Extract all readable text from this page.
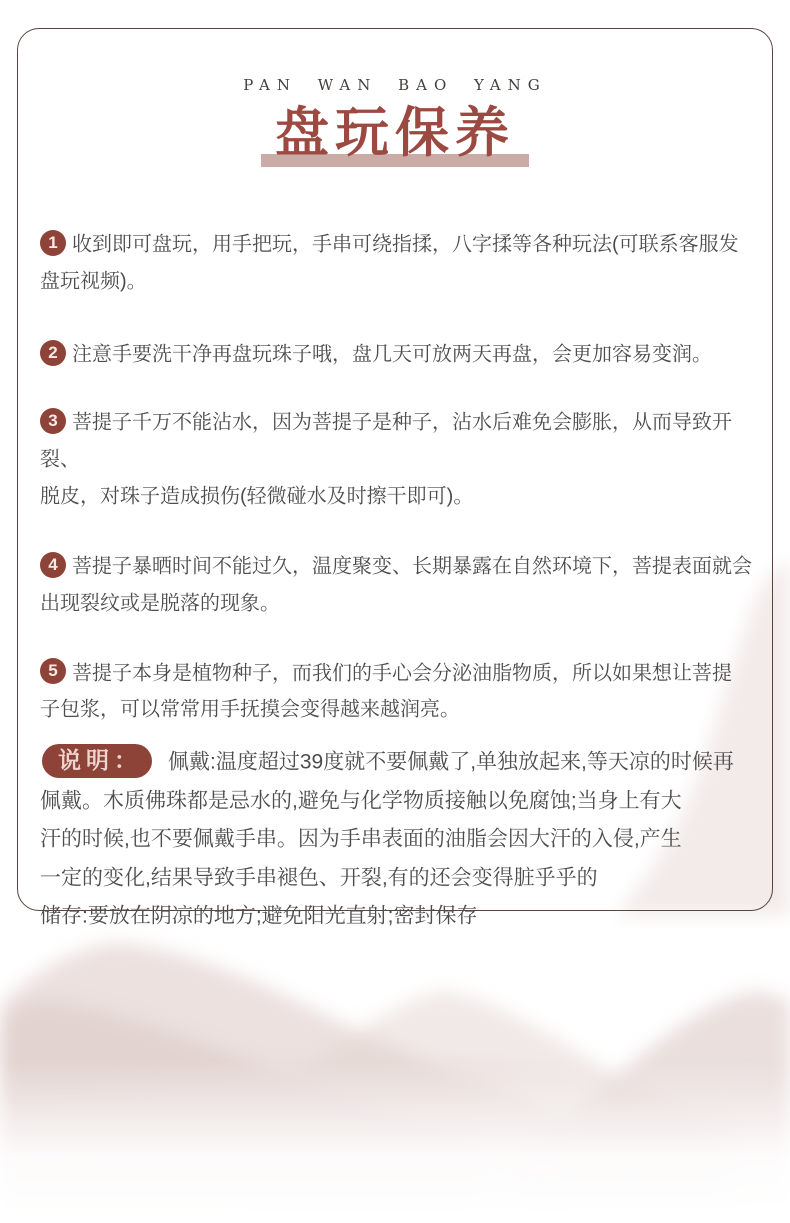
PAN WAN BAO YANG
盘玩保养

1 收到即可盘玩，用手把玩，手串可绕指揉，八字揉等各种玩法(可联系客服发
盘玩视频)。

2 注意手要洗干净再盘玩珠子哦，盘几天可放两天再盘，会更加容易变润。

3 菩提子千万不能沾水，因为菩提子是种子，沾水后难免会膨胀，从而导致开裂、
脱皮，对珠子造成损伤(轻微碰水及时擦干即可)。

4 菩提子暴晒时间不能过久，温度聚变、长期暴露在自然环境下，菩提表面就会
出现裂纹或是脱落的现象。

5 菩提子本身是植物种子，而我们的手心会分泌油脂物质，所以如果想让菩提
子包浆，可以常常用手抚摸会变得越来越润亮。

说明： 佩戴:温度超过39度就不要佩戴了,单独放起来,等天凉的时候再
佩戴。木质佛珠都是忌水的,避免与化学物质接触以免腐蚀;当身上有大
汗的时候,也不要佩戴手串。因为手串表面的油脂会因大汗的入侵,产生
一定的变化,结果导致手串褪色、开裂,有的还会变得脏乎乎的
储存:要放在阴凉的地方;避免阳光直射;密封保存
